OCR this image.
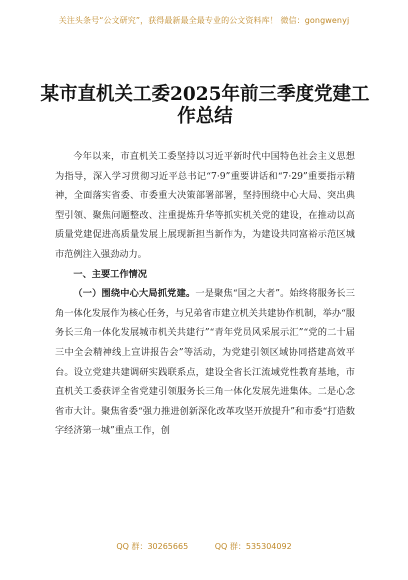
关注头条号“公文研究”，获得最新最全最专业的公文资料库！ 微信：gongwenyj
某市直机关工委2025年前三季度党建工作总结

今年以来，市直机关工委坚持以习近平新时代中国特色社会主义思想为指导，深入学习贯彻习近平总书记“7·9”重要讲话和“7·29”重要指示精神，全面落实省委、市委重大决策部署部署，坚持围绕中心大局、突出典型引领、聚焦问题整改、注重提炼升华等抓实机关党的建设，在推动以高质量党建促进高质量发展上展现新担当新作为，为建设共同富裕示范区城市范例注入强劲动力。

一、主要工作情况

（一）围绕中心大局抓党建。一是聚焦“国之大者”。始终将服务长三角一体化发展作为核心任务，与兄弟省市建立机关共建协作机制，举办“服务长三角一体化发展城市机关共建行”“青年党员风采展示汇”“党的二十届三中全会精神线上宣讲报告会”等活动，为党建引领区域协同搭建高效平台。设立党建共建调研实践联系点，建设全省长江流域党性教育基地，市直机关工委获评全省党建引领服务长三角一体化发展先进集体。二是心念省市大计。聚焦省委“强力推进创新深化改革攻坚开放提升”和市委“打造数字经济第一城”重点工作，创

QQ 群：30265665	QQ 群：535304092
